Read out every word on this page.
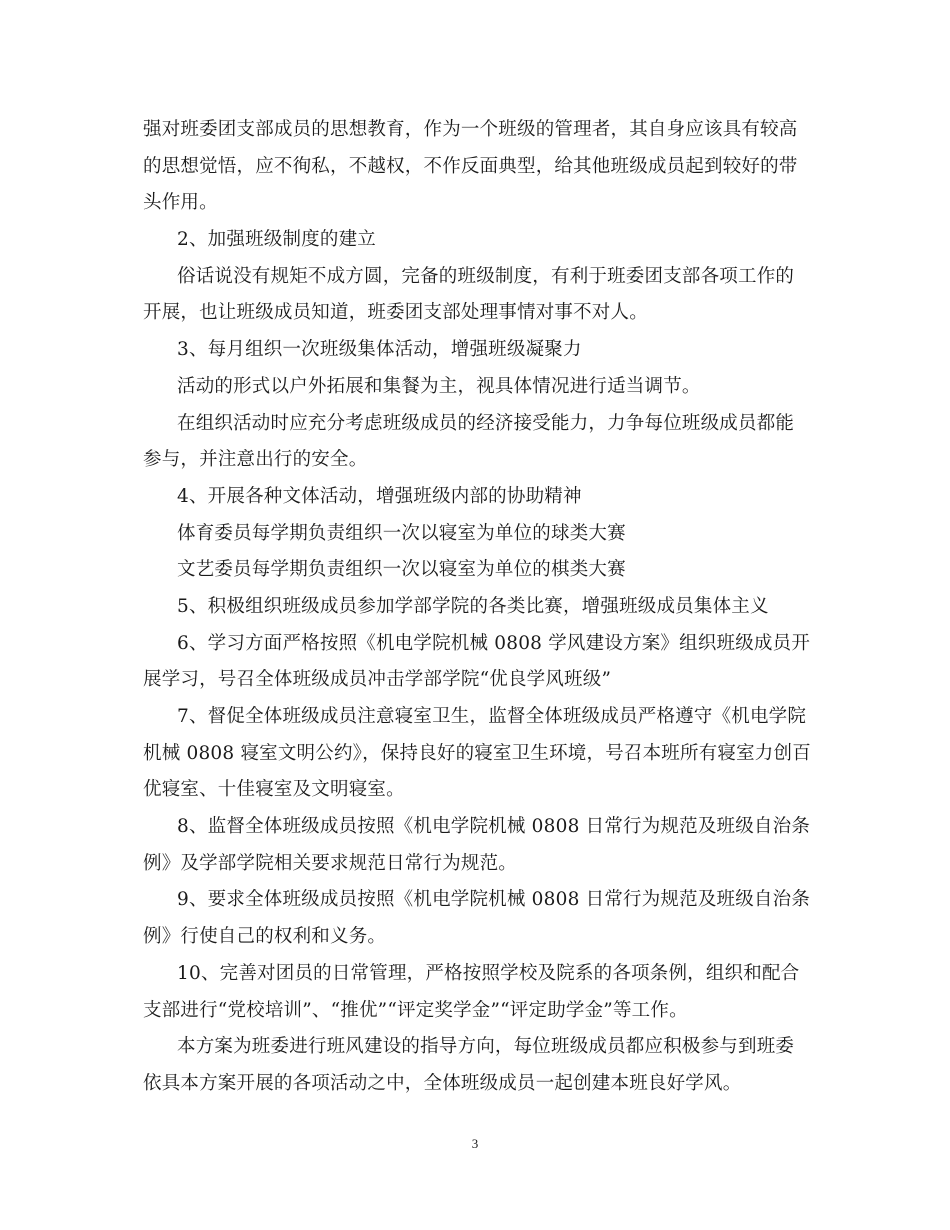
强对班委团支部成员的思想教育，作为一个班级的管理者，其自身应该具有较高
的思想觉悟，应不徇私，不越权，不作反面典型，给其他班级成员起到较好的带
头作用。
2、加强班级制度的建立
俗话说没有规矩不成方圆，完备的班级制度，有利于班委团支部各项工作的
开展，也让班级成员知道，班委团支部处理事情对事不对人。
3、每月组织一次班级集体活动，增强班级凝聚力
活动的形式以户外拓展和集餐为主，视具体情况进行适当调节。
在组织活动时应充分考虑班级成员的经济接受能力，力争每位班级成员都能
参与，并注意出行的安全。
4、开展各种文体活动，增强班级内部的协助精神
体育委员每学期负责组织一次以寝室为单位的球类大赛
文艺委员每学期负责组织一次以寝室为单位的棋类大赛
5、积极组织班级成员参加学部学院的各类比赛，增强班级成员集体主义
6、学习方面严格按照《机电学院机械 0808 学风建设方案》组织班级成员开
展学习，号召全体班级成员冲击学部学院“优良学风班级”
7、督促全体班级成员注意寝室卫生，监督全体班级成员严格遵守《机电学院
机械 0808 寝室文明公约》，保持良好的寝室卫生环境，号召本班所有寝室力创百
优寝室、十佳寝室及文明寝室。
8、监督全体班级成员按照《机电学院机械 0808 日常行为规范及班级自治条
例》及学部学院相关要求规范日常行为规范。
9、要求全体班级成员按照《机电学院机械 0808 日常行为规范及班级自治条
例》行使自己的权利和义务。
10、完善对团员的日常管理，严格按照学校及院系的各项条例，组织和配合
支部进行“党校培训”、“推优”“评定奖学金”“评定助学金”等工作。
本方案为班委进行班风建设的指导方向，每位班级成员都应积极参与到班委
依具本方案开展的各项活动之中，全体班级成员一起创建本班良好学风。
3
